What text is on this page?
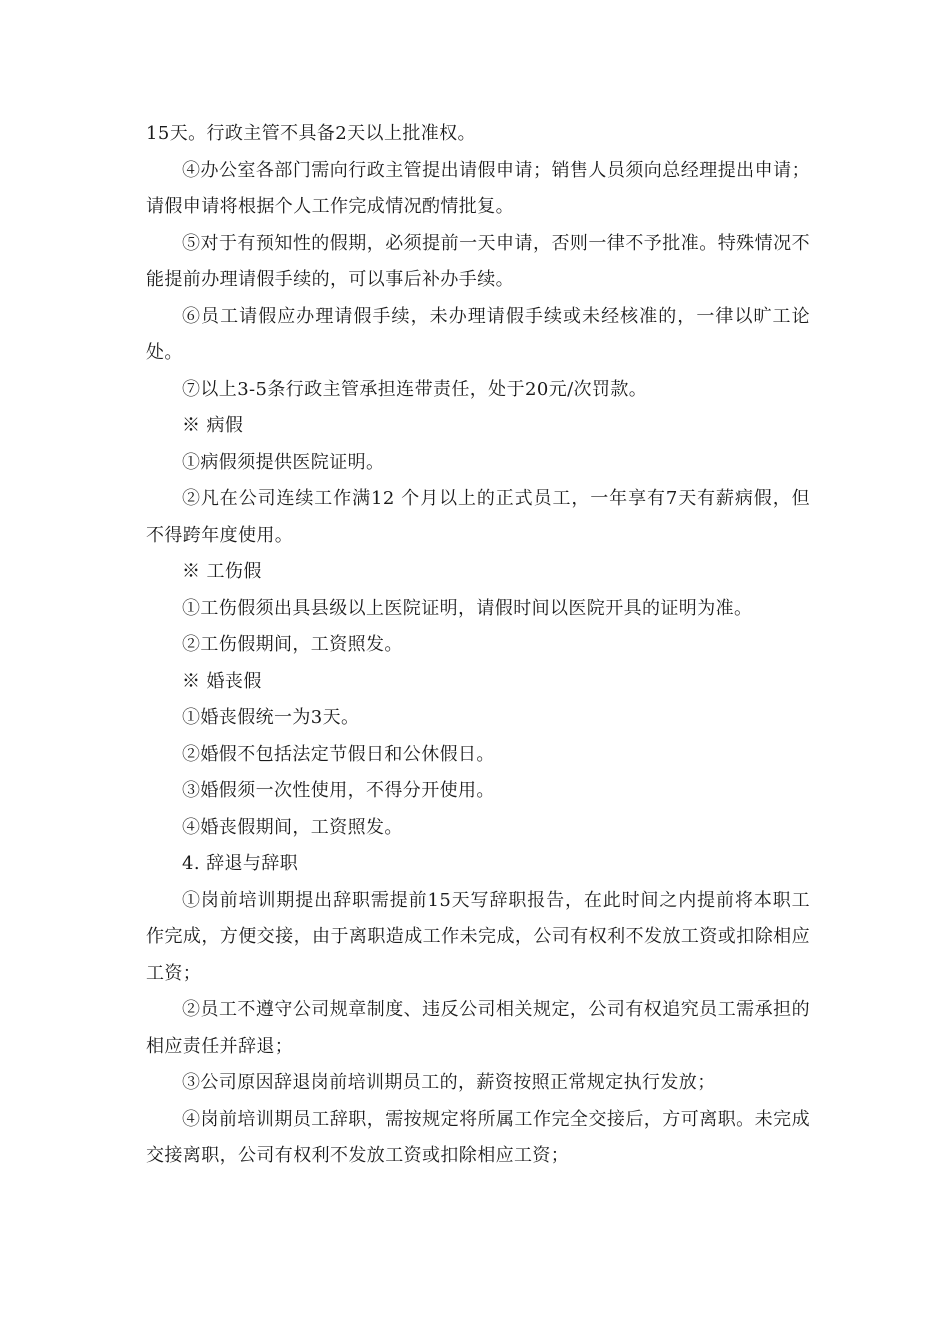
15天。行政主管不具备2天以上批准权。

④办公室各部门需向行政主管提出请假申请；销售人员须向总经理提出申请；请假申请将根据个人工作完成情况酌情批复。

⑤对于有预知性的假期，必须提前一天申请，否则一律不予批准。特殊情况不能提前办理请假手续的，可以事后补办手续。

⑥员工请假应办理请假手续，未办理请假手续或未经核准的，一律以旷工论处。

⑦以上3-5条行政主管承担连带责任，处于20元/次罚款。

※ 病假

①病假须提供医院证明。

②凡在公司连续工作满12 个月以上的正式员工，一年享有7天有薪病假，但不得跨年度使用。

※ 工伤假

①工伤假须出具县级以上医院证明，请假时间以医院开具的证明为准。

②工伤假期间，工资照发。

※ 婚丧假

①婚丧假统一为3天。

②婚假不包括法定节假日和公休假日。

③婚假须一次性使用，不得分开使用。

④婚丧假期间，工资照发。

4. 辞退与辞职

①岗前培训期提出辞职需提前15天写辞职报告，在此时间之内提前将本职工作完成，方便交接，由于离职造成工作未完成，公司有权利不发放工资或扣除相应工资；

②员工不遵守公司规章制度、违反公司相关规定，公司有权追究员工需承担的相应责任并辞退；

③公司原因辞退岗前培训期员工的，薪资按照正常规定执行发放；

④岗前培训期员工辞职，需按规定将所属工作完全交接后，方可离职。未完成交接离职，公司有权利不发放工资或扣除相应工资；
